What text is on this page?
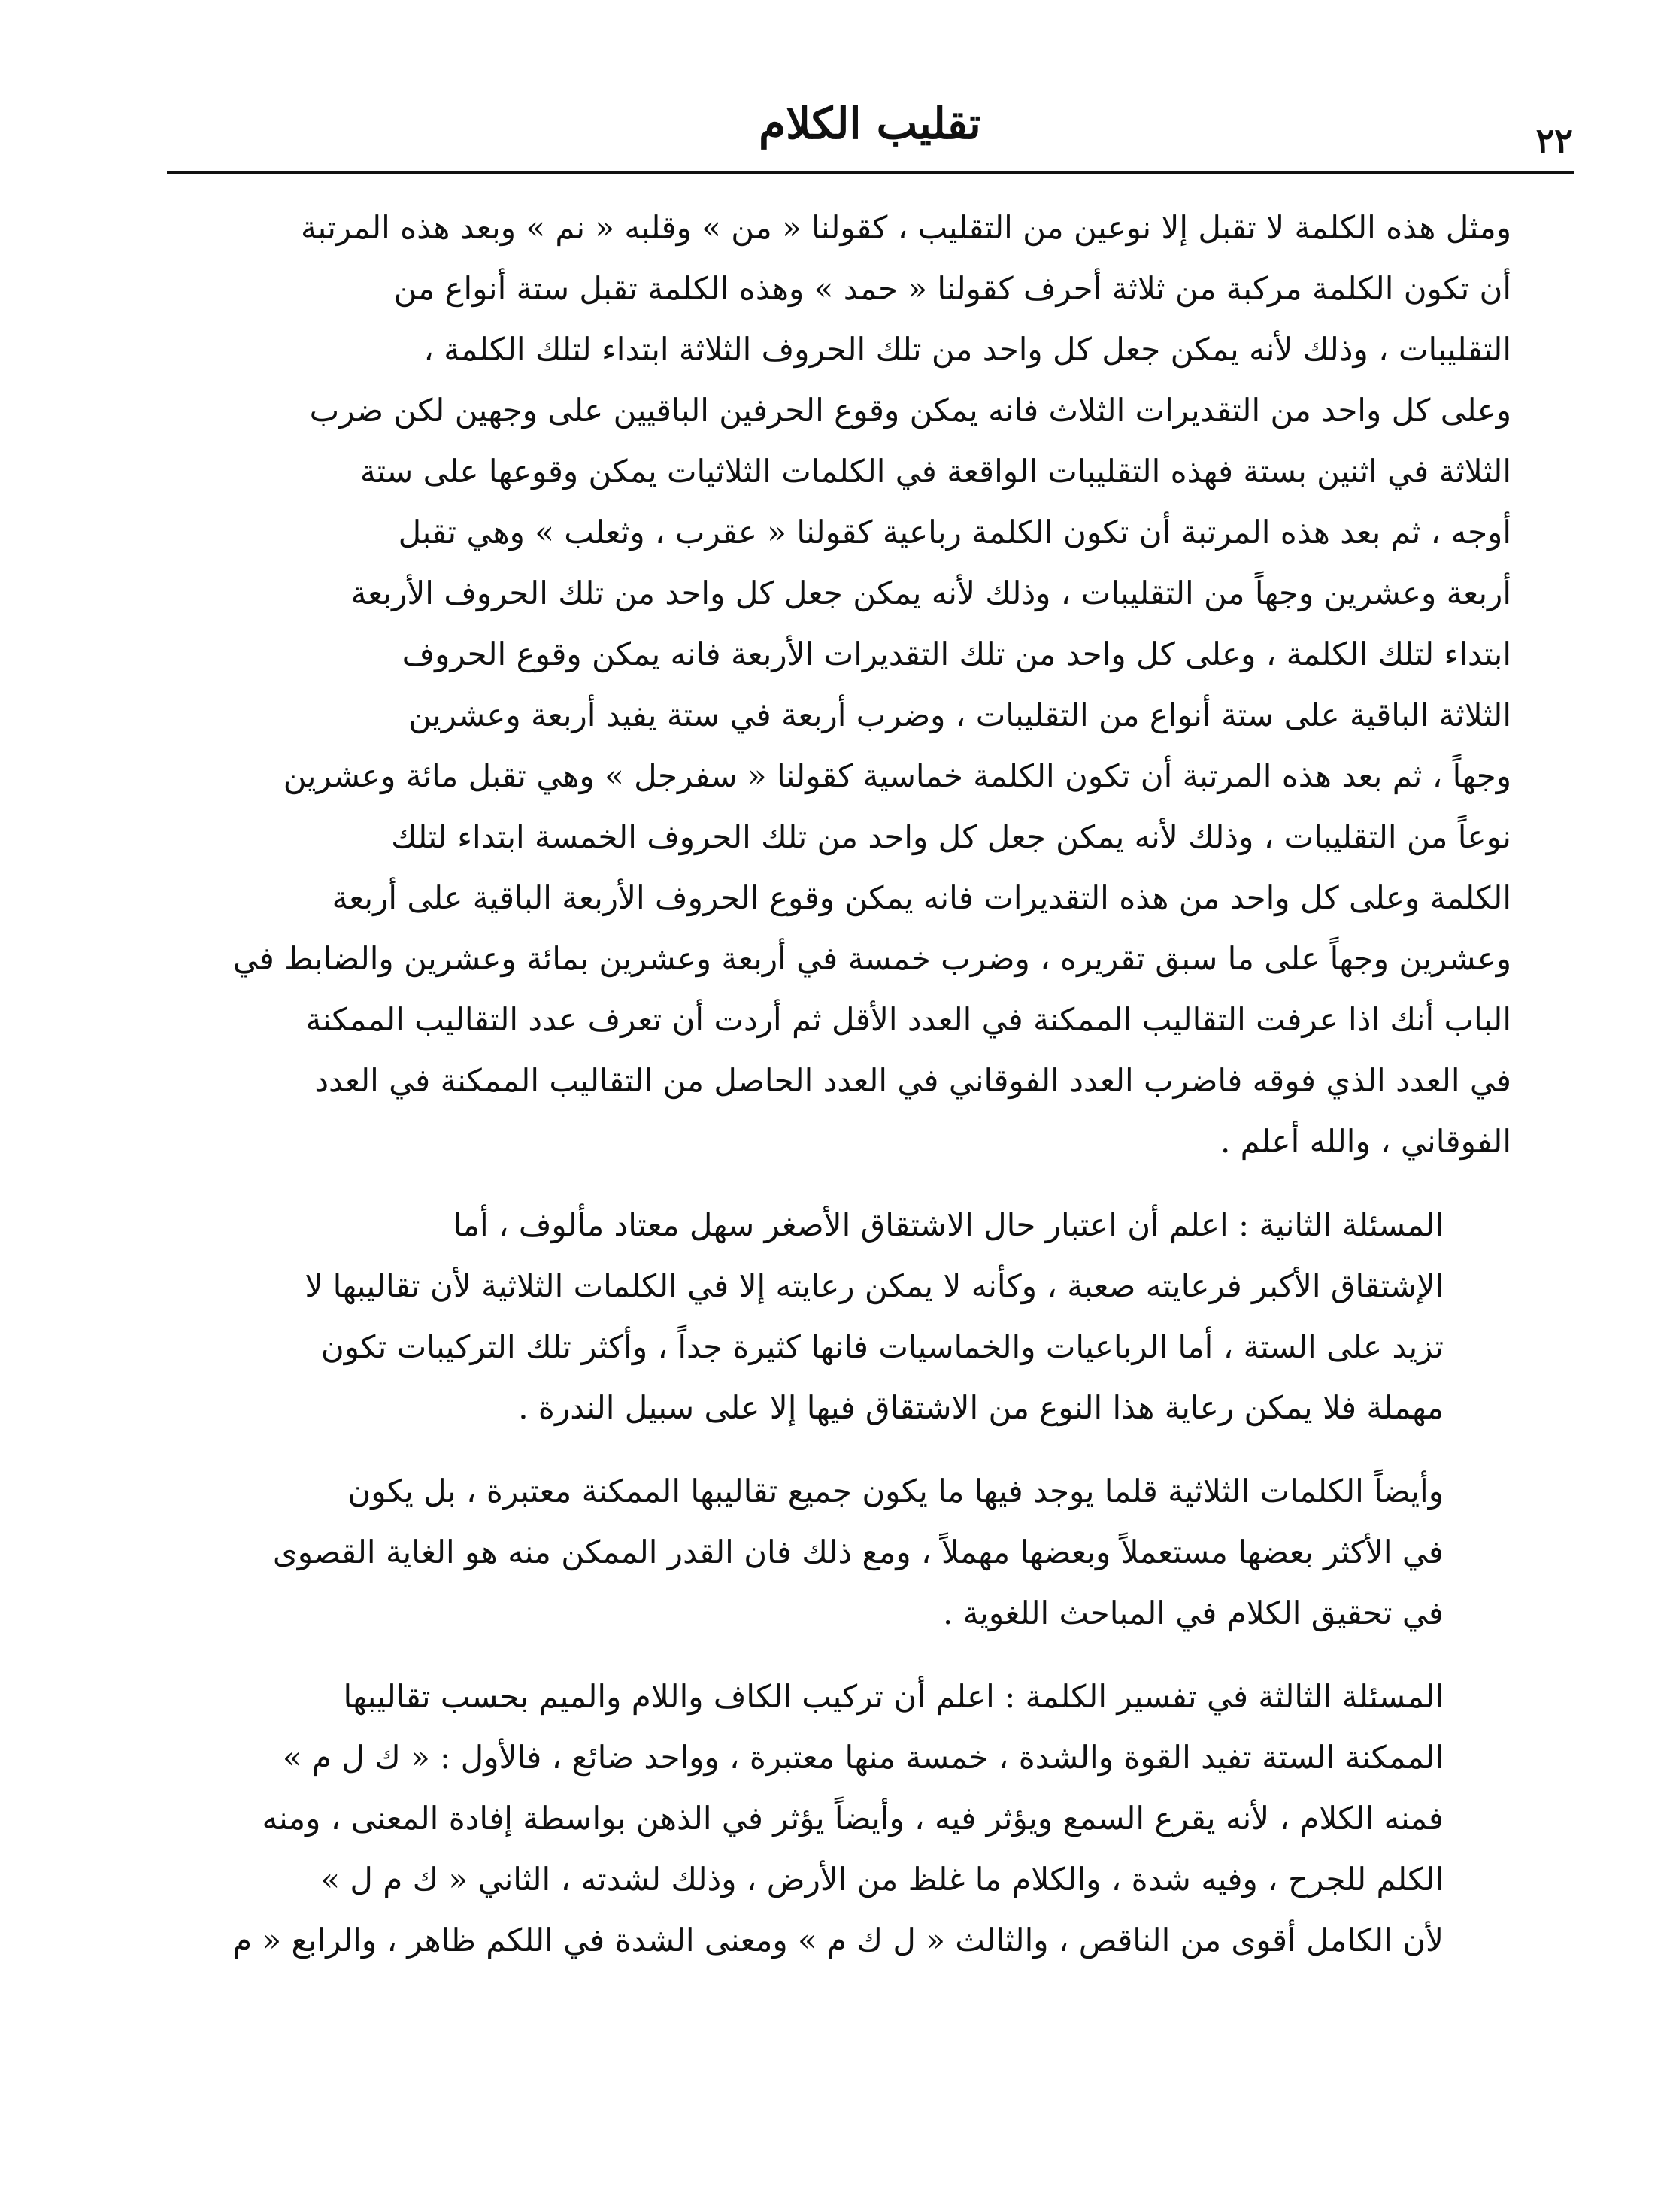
٢٢
تقليب الكلام

ومثل هذه الكلمة لا تقبل إلا نوعين من التقليب ، كقولنا « من » وقلبه « نم » وبعد هذه المرتبة
أن تكون الكلمة مركبة من ثلاثة أحرف كقولنا « حمد » وهذه الكلمة تقبل ستة أنواع من
التقليبات ، وذلك لأنه يمكن جعل كل واحد من تلك الحروف الثلاثة ابتداء لتلك الكلمة ،
وعلى كل واحد من التقديرات الثلاث فانه يمكن وقوع الحرفين الباقيين على وجهين لكن ضرب
الثلاثة في اثنين بستة فهذه التقليبات الواقعة في الكلمات الثلاثيات يمكن وقوعها على ستة
أوجه ، ثم بعد هذه المرتبة أن تكون الكلمة رباعية كقولنا « عقرب ، وثعلب » وهي تقبل
أربعة وعشرين وجهاً من التقليبات ، وذلك لأنه يمكن جعل كل واحد من تلك الحروف الأربعة
ابتداء لتلك الكلمة ، وعلى كل واحد من تلك التقديرات الأربعة فانه يمكن وقوع الحروف
الثلاثة الباقية على ستة أنواع من التقليبات ، وضرب أربعة في ستة يفيد أربعة وعشرين
وجهاً ، ثم بعد هذه المرتبة أن تكون الكلمة خماسية كقولنا « سفرجل » وهي تقبل مائة وعشرين
نوعاً من التقليبات ، وذلك لأنه يمكن جعل كل واحد من تلك الحروف الخمسة ابتداء لتلك
الكلمة وعلى كل واحد من هذه التقديرات فانه يمكن وقوع الحروف الأربعة الباقية على أربعة
وعشرين وجهاً على ما سبق تقريره ، وضرب خمسة في أربعة وعشرين بمائة وعشرين والضابط في
الباب أنك اذا عرفت التقاليب الممكنة في العدد الأقل ثم أردت أن تعرف عدد التقاليب الممكنة
في العدد الذي فوقه فاضرب العدد الفوقاني في العدد الحاصل من التقاليب الممكنة في العدد
الفوقاني ، والله أعلم .

المسئلة الثانية : اعلم أن اعتبار حال الاشتقاق الأصغر سهل معتاد مألوف ، أما
الإشتقاق الأكبر فرعايته صعبة ، وكأنه لا يمكن رعايته إلا في الكلمات الثلاثية لأن تقاليبها لا
تزيد على الستة ، أما الرباعيات والخماسيات فانها كثيرة جداً ، وأكثر تلك التركيبات تكون
مهملة فلا يمكن رعاية هذا النوع من الاشتقاق فيها إلا على سبيل الندرة .

وأيضاً الكلمات الثلاثية قلما يوجد فيها ما يكون جميع تقاليبها الممكنة معتبرة ، بل يكون
في الأكثر بعضها مستعملاً وبعضها مهملاً ، ومع ذلك فان القدر الممكن منه هو الغاية القصوى
في تحقيق الكلام في المباحث اللغوية .

المسئلة الثالثة في تفسير الكلمة : اعلم أن تركيب الكاف واللام والميم بحسب تقاليبها
الممكنة الستة تفيد القوة والشدة ، خمسة منها معتبرة ، وواحد ضائع ، فالأول : « ك ل م »
فمنه الكلام ، لأنه يقرع السمع ويؤثر فيه ، وأيضاً يؤثر في الذهن بواسطة إفادة المعنى ، ومنه
الكلم للجرح ، وفيه شدة ، والكلام ما غلظ من الأرض ، وذلك لشدته ، الثاني « ك م ل »
لأن الكامل أقوى من الناقص ، والثالث « ل ك م » ومعنى الشدة في اللكم ظاهر ، والرابع « م
